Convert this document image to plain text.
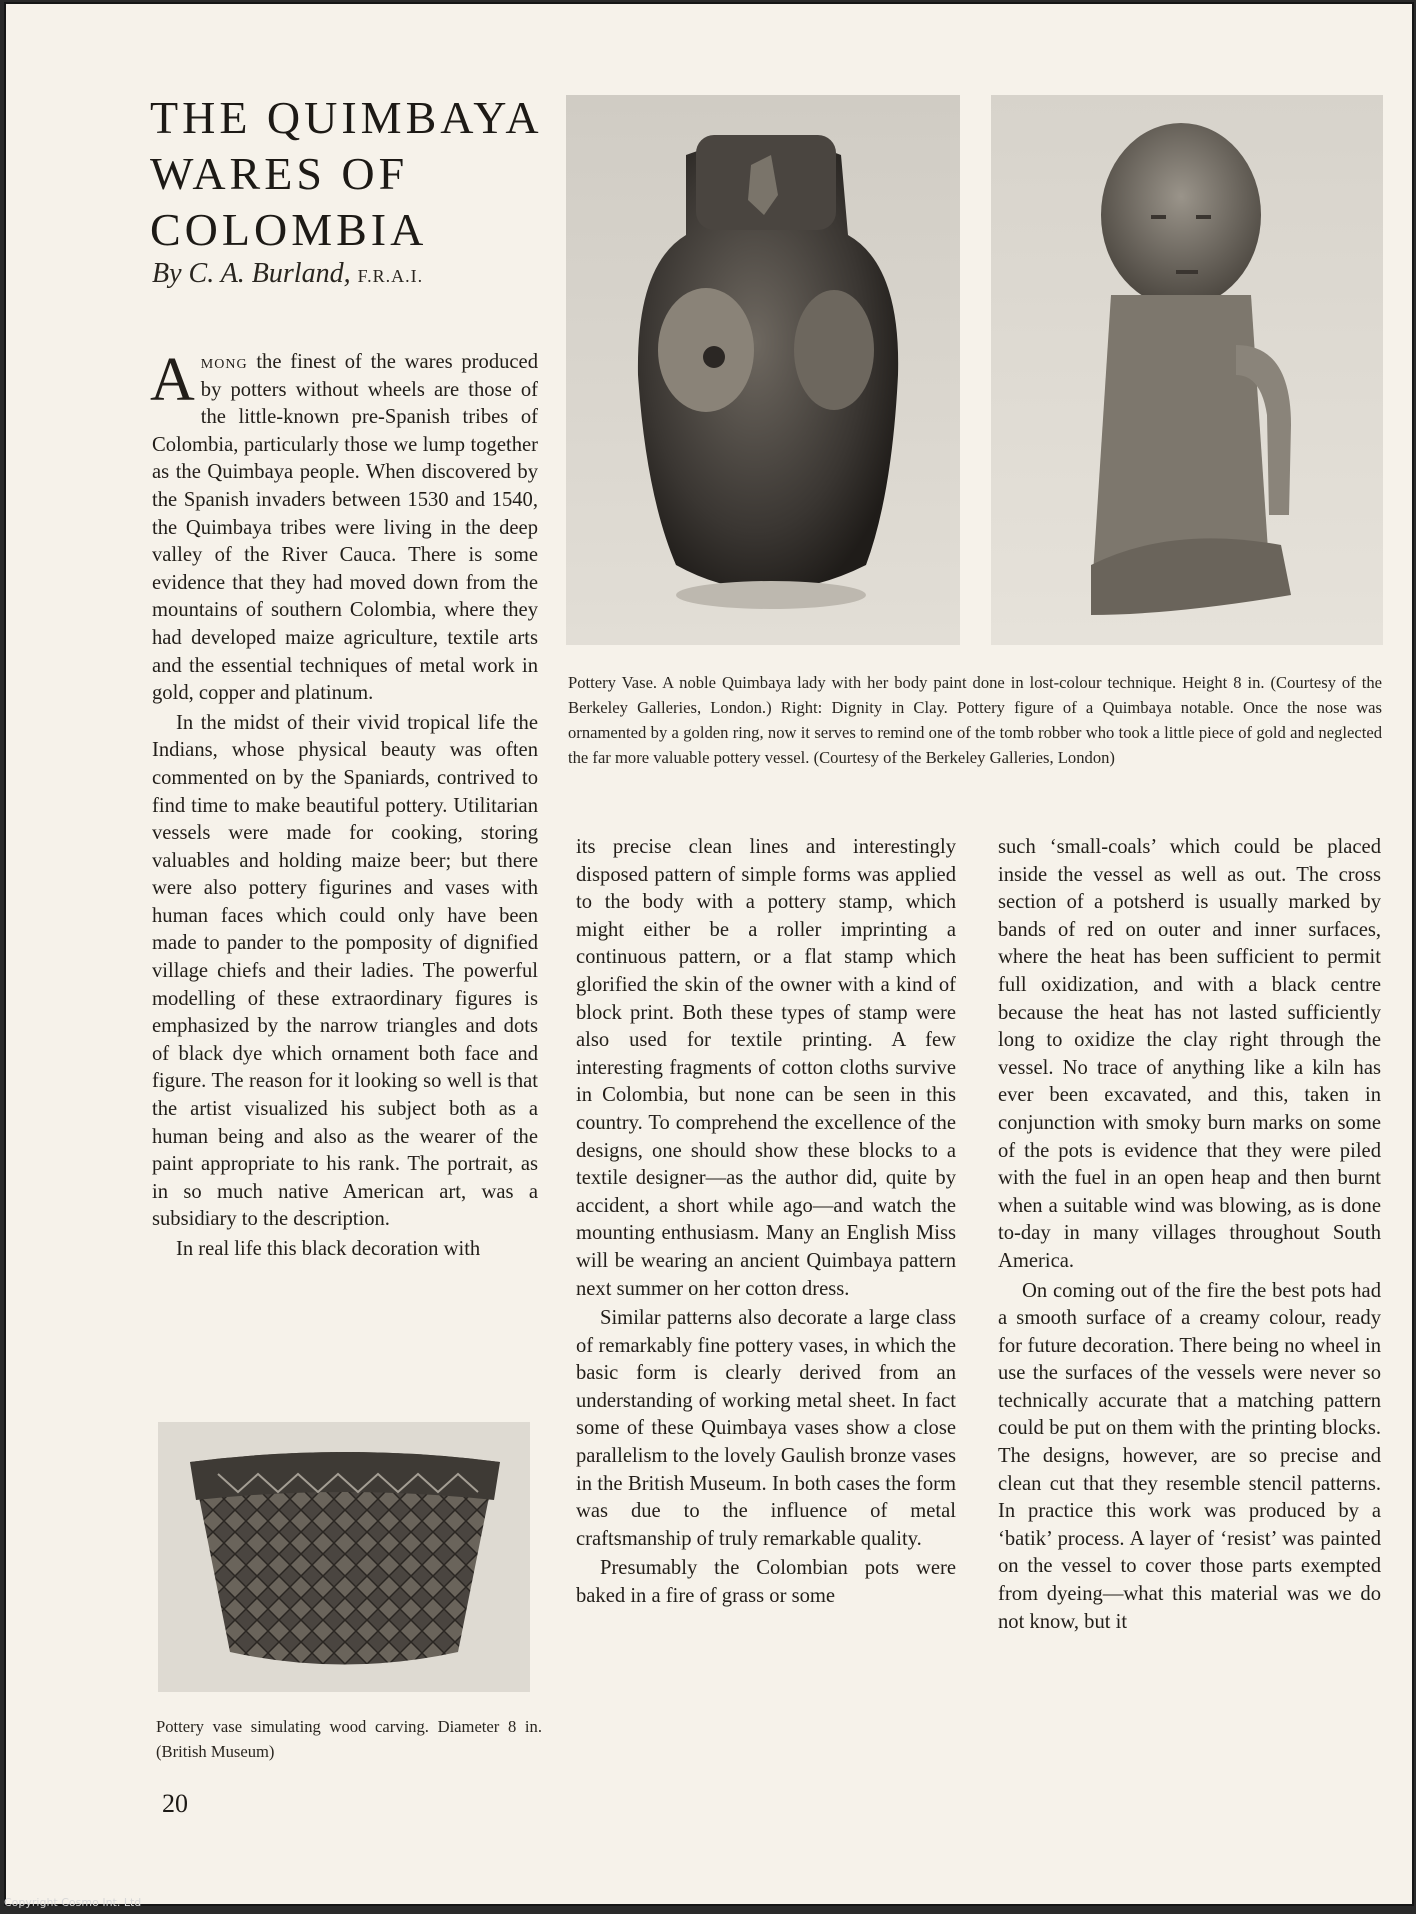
THE QUIMBAYA
WARES OF
COLOMBIA
By C. A. Burland, F.R.A.I.

Among the finest of the wares produced by potters without wheels are those of the little-known pre-Spanish tribes of Colombia, particularly those we lump together as the Quimbaya people. When discovered by the Spanish invaders between 1530 and 1540, the Quimbaya tribes were living in the deep valley of the River Cauca. There is some evidence that they had moved down from the mountains of southern Colombia, where they had developed maize agriculture, textile arts and the essential techniques of metal work in gold, copper and platinum.

In the midst of their vivid tropical life the Indians, whose physical beauty was often commented on by the Spaniards, contrived to find time to make beautiful pottery. Utilitarian vessels were made for cooking, storing valuables and holding maize beer; but there were also pottery figurines and vases with human faces which could only have been made to pander to the pomposity of dignified village chiefs and their ladies. The powerful modelling of these extraordinary figures is emphasized by the narrow triangles and dots of black dye which ornament both face and figure. The reason for it looking so well is that the artist visualized his subject both as a human being and also as the wearer of the paint appropriate to his rank. The portrait, as in so much native American art, was a subsidiary to the description.

In real life this black decoration with

Pottery Vase. A noble Quimbaya lady with her body paint done in lost-colour technique. Height 8 in. (Courtesy of the Berkeley Galleries, London.) Right: Dignity in Clay. Pottery figure of a Quimbaya notable. Once the nose was ornamented by a golden ring, now it serves to remind one of the tomb robber who took a little piece of gold and neglected the far more valuable pottery vessel. (Courtesy of the Berkeley Galleries, London)

its precise clean lines and interestingly disposed pattern of simple forms was applied to the body with a pottery stamp, which might either be a roller imprinting a continuous pattern, or a flat stamp which glorified the skin of the owner with a kind of block print. Both these types of stamp were also used for textile printing. A few interesting fragments of cotton cloths survive in Colombia, but none can be seen in this country. To comprehend the excellence of the designs, one should show these blocks to a textile designer—as the author did, quite by accident, a short while ago—and watch the mounting enthusiasm. Many an English Miss will be wearing an ancient Quimbaya pattern next summer on her cotton dress.

Similar patterns also decorate a large class of remarkably fine pottery vases, in which the basic form is clearly derived from an understanding of working metal sheet. In fact some of these Quimbaya vases show a close parallelism to the lovely Gaulish bronze vases in the British Museum. In both cases the form was due to the influence of metal craftsmanship of truly remarkable quality.

Presumably the Colombian pots were baked in a fire of grass or some

such ‘small-coals’ which could be placed inside the vessel as well as out. The cross section of a potsherd is usually marked by bands of red on outer and inner surfaces, where the heat has been sufficient to permit full oxidization, and with a black centre because the heat has not lasted sufficiently long to oxidize the clay right through the vessel. No trace of anything like a kiln has ever been excavated, and this, taken in conjunction with smoky burn marks on some of the pots is evidence that they were piled with the fuel in an open heap and then burnt when a suitable wind was blowing, as is done to-day in many villages throughout South America.

On coming out of the fire the best pots had a smooth surface of a creamy colour, ready for future decoration. There being no wheel in use the surfaces of the vessels were never so technically accurate that a matching pattern could be put on them with the printing blocks. The designs, however, are so precise and clean cut that they resemble stencil patterns. In practice this work was produced by a ‘batik’ process. A layer of ‘resist’ was painted on the vessel to cover those parts exempted from dyeing—what this material was we do not know, but it

Pottery vase simulating wood carving. Diameter 8 in. (British Museum)
20
Copyright Cosmo Int. Ltd
